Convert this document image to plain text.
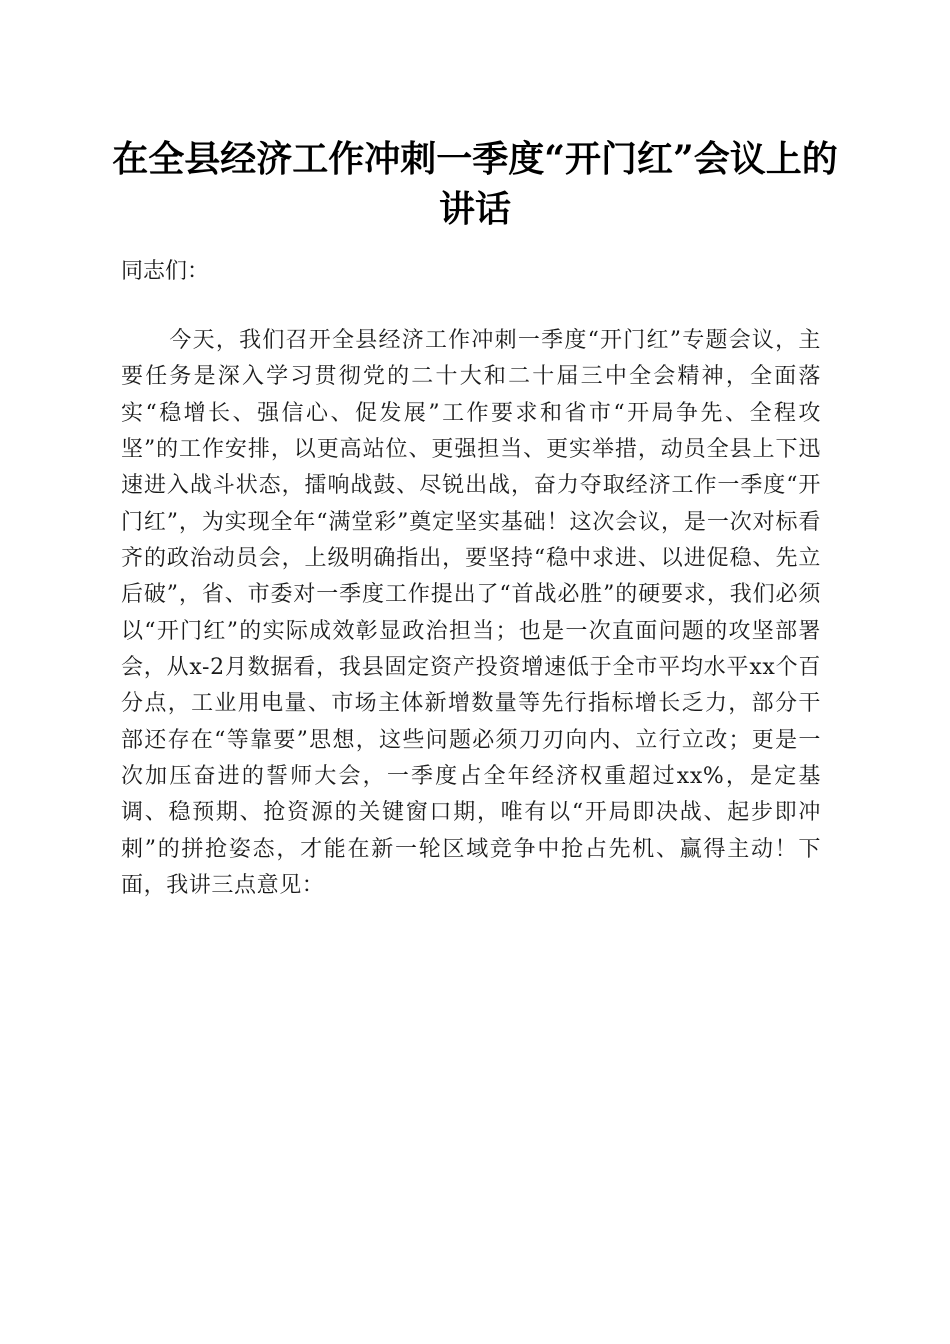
在全县经济工作冲刺一季度“开门红”会议上的讲话

同志们：

今天，我们召开全县经济工作冲刺一季度“开门红”专题会议，主要任务是深入学习贯彻党的二十大和二十届三中全会精神，全面落实“稳增长、强信心、促发展”工作要求和省市“开局争先、全程攻坚”的工作安排，以更高站位、更强担当、更实举措，动员全县上下迅速进入战斗状态，擂响战鼓、尽锐出战，奋力夺取经济工作一季度“开门红”，为实现全年“满堂彩”奠定坚实基础！这次会议，是一次对标看齐的政治动员会，上级明确指出，要坚持“稳中求进、以进促稳、先立后破”，省、市委对一季度工作提出了“首战必胜”的硬要求，我们必须以“开门红”的实际成效彰显政治担当；也是一次直面问题的攻坚部署会，从x-2月数据看，我县固定资产投资增速低于全市平均水平xx个百分点，工业用电量、市场主体新增数量等先行指标增长乏力，部分干部还存在“等靠要”思想，这些问题必须刀刃向内、立行立改；更是一次加压奋进的誓师大会，一季度占全年经济权重超过xx%，是定基调、稳预期、抢资源的关键窗口期，唯有以“开局即决战、起步即冲刺”的拼抢姿态，才能在新一轮区域竞争中抢占先机、赢得主动！下面，我讲三点意见：
